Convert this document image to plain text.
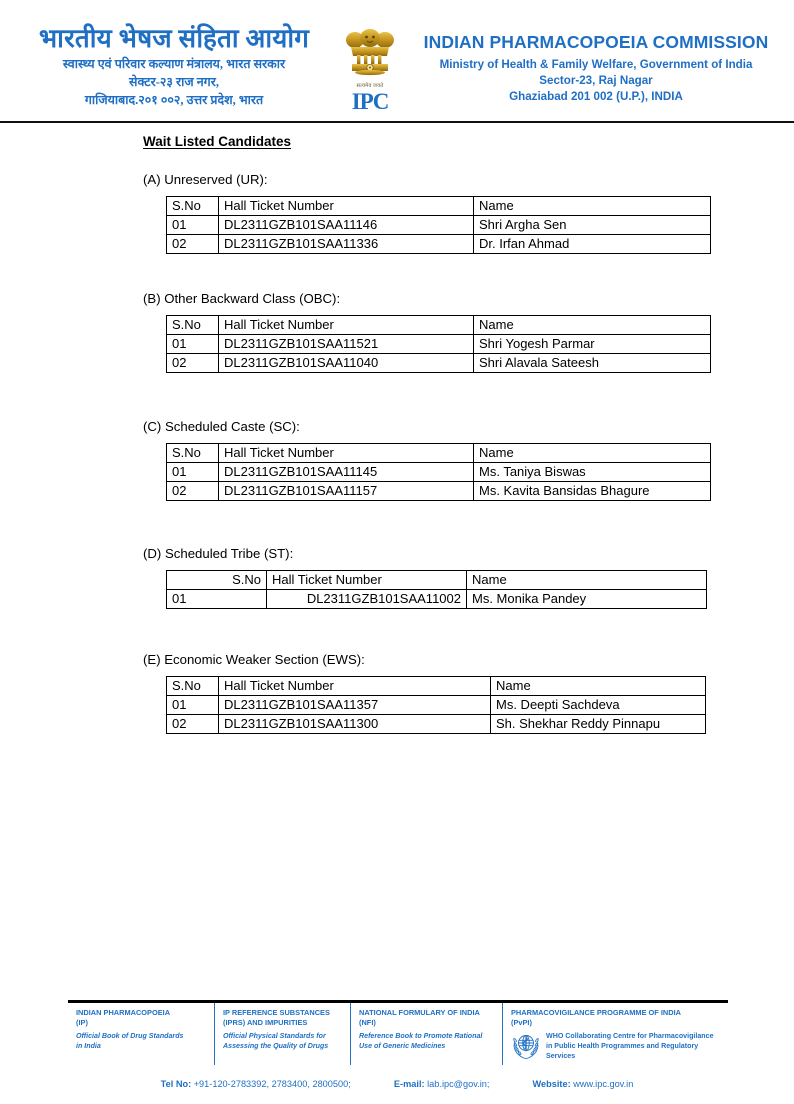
भारतीय भेषज संहिता आयोग
स्वास्थ्य एवं परिवार कल्याण मंत्रालय, भारत सरकार
सेक्टर-२३ राज नगर,
गाजियाबाद.२०१ ००२, उत्तर प्रदेश, भारत
सत्यमेव जयते
IPC
INDIAN PHARMACOPOEIA COMMISSION
Ministry of Health & Family Welfare, Government of India
Sector-23, Raj Nagar
Ghaziabad 201 002 (U.P.), INDIA
Wait Listed Candidates
(A) Unreserved (UR):
S.No	Hall Ticket Number	Name
01	DL2311GZB101SAA11146	Shri Argha Sen
02	DL2311GZB101SAA11336	Dr. Irfan Ahmad
(B) Other Backward Class (OBC):
S.No	Hall Ticket Number	Name
01	DL2311GZB101SAA11521	Shri Yogesh Parmar
02	DL2311GZB101SAA11040	Shri Alavala Sateesh
(C) Scheduled Caste (SC):
S.No	Hall Ticket Number	Name
01	DL2311GZB101SAA11145	Ms. Taniya Biswas
02	DL2311GZB101SAA11157	Ms. Kavita Bansidas Bhagure
(D) Scheduled Tribe (ST):
S.No	Hall Ticket Number	Name
01	DL2311GZB101SAA11002	Ms. Monika Pandey
(E) Economic Weaker Section (EWS):
S.No	Hall Ticket Number	Name
01	DL2311GZB101SAA11357	Ms. Deepti Sachdeva
02	DL2311GZB101SAA11300	Sh. Shekhar Reddy Pinnapu
INDIAN PHARMACOPOEIA
(IP)
Official Book of Drug Standards
in India
IP REFERENCE SUBSTANCES
(IPRS) AND IMPURITIES
Official Physical Standards for
Assessing the Quality of Drugs
NATIONAL FORMULARY OF INDIA
(NFI)
Reference Book to Promote Rational
Use of Generic Medicines
PHARMACOVIGILANCE PROGRAMME OF INDIA
(PvPI)
WHO Collaborating Centre for Pharmacovigilance
in Public Health Programmes and Regulatory
Services
Tel No: +91-120-2783392, 2783400, 2800500;	E-mail: lab.ipc@gov.in;	Website: www.ipc.gov.in
